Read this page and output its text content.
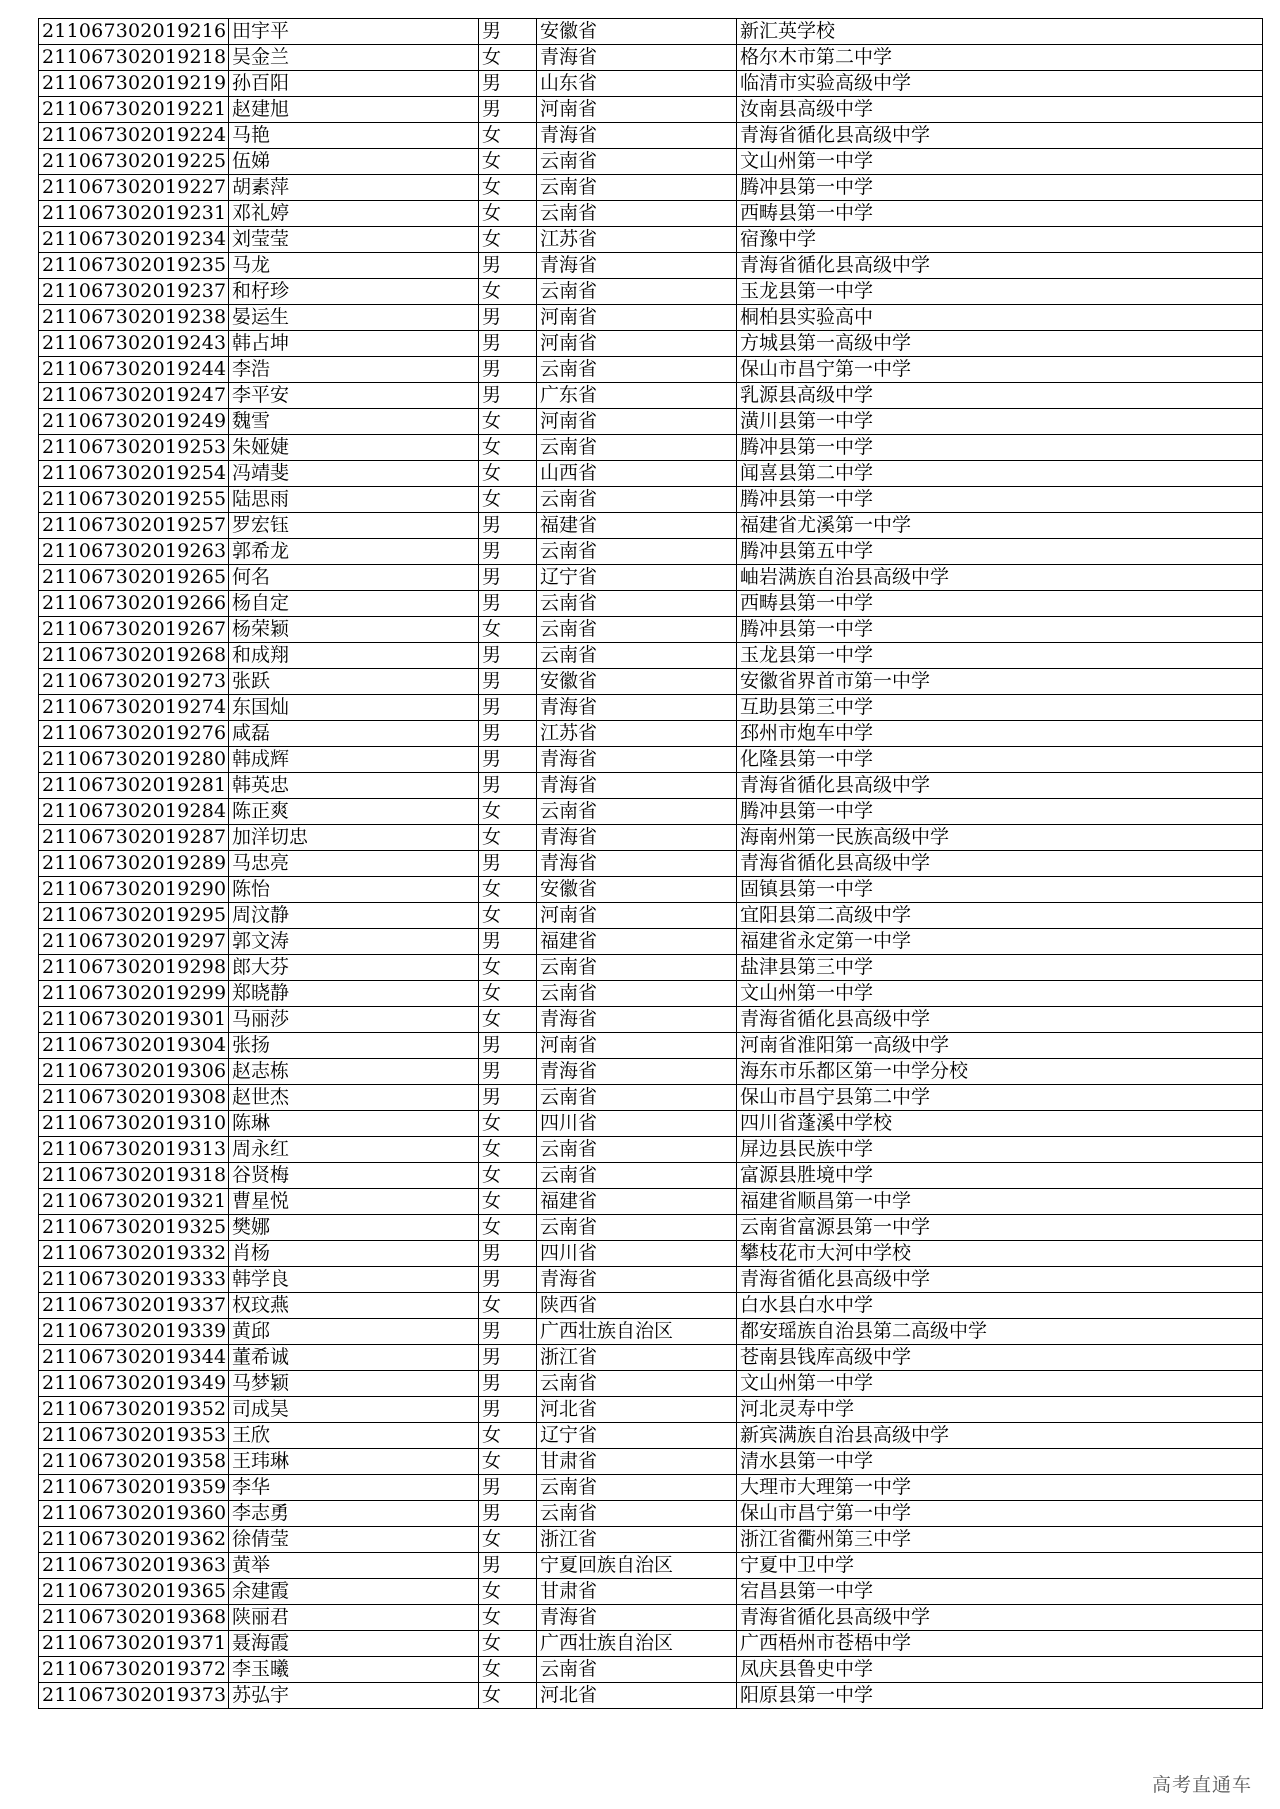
211067302019216	田宇平	男	安徽省	新汇英学校
211067302019218	吴金兰	女	青海省	格尔木市第二中学
211067302019219	孙百阳	男	山东省	临清市实验高级中学
211067302019221	赵建旭	男	河南省	汝南县高级中学
211067302019224	马艳	女	青海省	青海省循化县高级中学
211067302019225	伍娣	女	云南省	文山州第一中学
211067302019227	胡素萍	女	云南省	腾冲县第一中学
211067302019231	邓礼婷	女	云南省	西畴县第一中学
211067302019234	刘莹莹	女	江苏省	宿豫中学
211067302019235	马龙	男	青海省	青海省循化县高级中学
211067302019237	和杍珍	女	云南省	玉龙县第一中学
211067302019238	晏运生	男	河南省	桐柏县实验高中
211067302019243	韩占坤	男	河南省	方城县第一高级中学
211067302019244	李浩	男	云南省	保山市昌宁第一中学
211067302019247	李平安	男	广东省	乳源县高级中学
211067302019249	魏雪	女	河南省	潢川县第一中学
211067302019253	朱娅婕	女	云南省	腾冲县第一中学
211067302019254	冯靖斐	女	山西省	闻喜县第二中学
211067302019255	陆思雨	女	云南省	腾冲县第一中学
211067302019257	罗宏钰	男	福建省	福建省尤溪第一中学
211067302019263	郭希龙	男	云南省	腾冲县第五中学
211067302019265	何名	男	辽宁省	岫岩满族自治县高级中学
211067302019266	杨自定	男	云南省	西畴县第一中学
211067302019267	杨荣颖	女	云南省	腾冲县第一中学
211067302019268	和成翔	男	云南省	玉龙县第一中学
211067302019273	张跃	男	安徽省	安徽省界首市第一中学
211067302019274	东国灿	男	青海省	互助县第三中学
211067302019276	咸磊	男	江苏省	邳州市炮车中学
211067302019280	韩成辉	男	青海省	化隆县第一中学
211067302019281	韩英忠	男	青海省	青海省循化县高级中学
211067302019284	陈正爽	女	云南省	腾冲县第一中学
211067302019287	加洋切忠	女	青海省	海南州第一民族高级中学
211067302019289	马忠亮	男	青海省	青海省循化县高级中学
211067302019290	陈怡	女	安徽省	固镇县第一中学
211067302019295	周汶静	女	河南省	宜阳县第二高级中学
211067302019297	郭文涛	男	福建省	福建省永定第一中学
211067302019298	郎大芬	女	云南省	盐津县第三中学
211067302019299	郑晓静	女	云南省	文山州第一中学
211067302019301	马丽莎	女	青海省	青海省循化县高级中学
211067302019304	张扬	男	河南省	河南省淮阳第一高级中学
211067302019306	赵志栋	男	青海省	海东市乐都区第一中学分校
211067302019308	赵世杰	男	云南省	保山市昌宁县第二中学
211067302019310	陈琳	女	四川省	四川省蓬溪中学校
211067302019313	周永红	女	云南省	屏边县民族中学
211067302019318	谷贤梅	女	云南省	富源县胜境中学
211067302019321	曹星悦	女	福建省	福建省顺昌第一中学
211067302019325	樊娜	女	云南省	云南省富源县第一中学
211067302019332	肖杨	男	四川省	攀枝花市大河中学校
211067302019333	韩学良	男	青海省	青海省循化县高级中学
211067302019337	权玟燕	女	陕西省	白水县白水中学
211067302019339	黄邱	男	广西壮族自治区	都安瑶族自治县第二高级中学
211067302019344	董希诚	男	浙江省	苍南县钱库高级中学
211067302019349	马梦颖	男	云南省	文山州第一中学
211067302019352	司成昊	男	河北省	河北灵寿中学
211067302019353	王欣	女	辽宁省	新宾满族自治县高级中学
211067302019358	王玮琳	女	甘肃省	清水县第一中学
211067302019359	李华	男	云南省	大理市大理第一中学
211067302019360	李志勇	男	云南省	保山市昌宁第一中学
211067302019362	徐倩莹	女	浙江省	浙江省衢州第三中学
211067302019363	黄举	男	宁夏回族自治区	宁夏中卫中学
211067302019365	余建霞	女	甘肃省	宕昌县第一中学
211067302019368	陕丽君	女	青海省	青海省循化县高级中学
211067302019371	聂海霞	女	广西壮族自治区	广西梧州市苍梧中学
211067302019372	李玉曦	女	云南省	凤庆县鲁史中学
211067302019373	苏弘宇	女	河北省	阳原县第一中学
高考直通车
